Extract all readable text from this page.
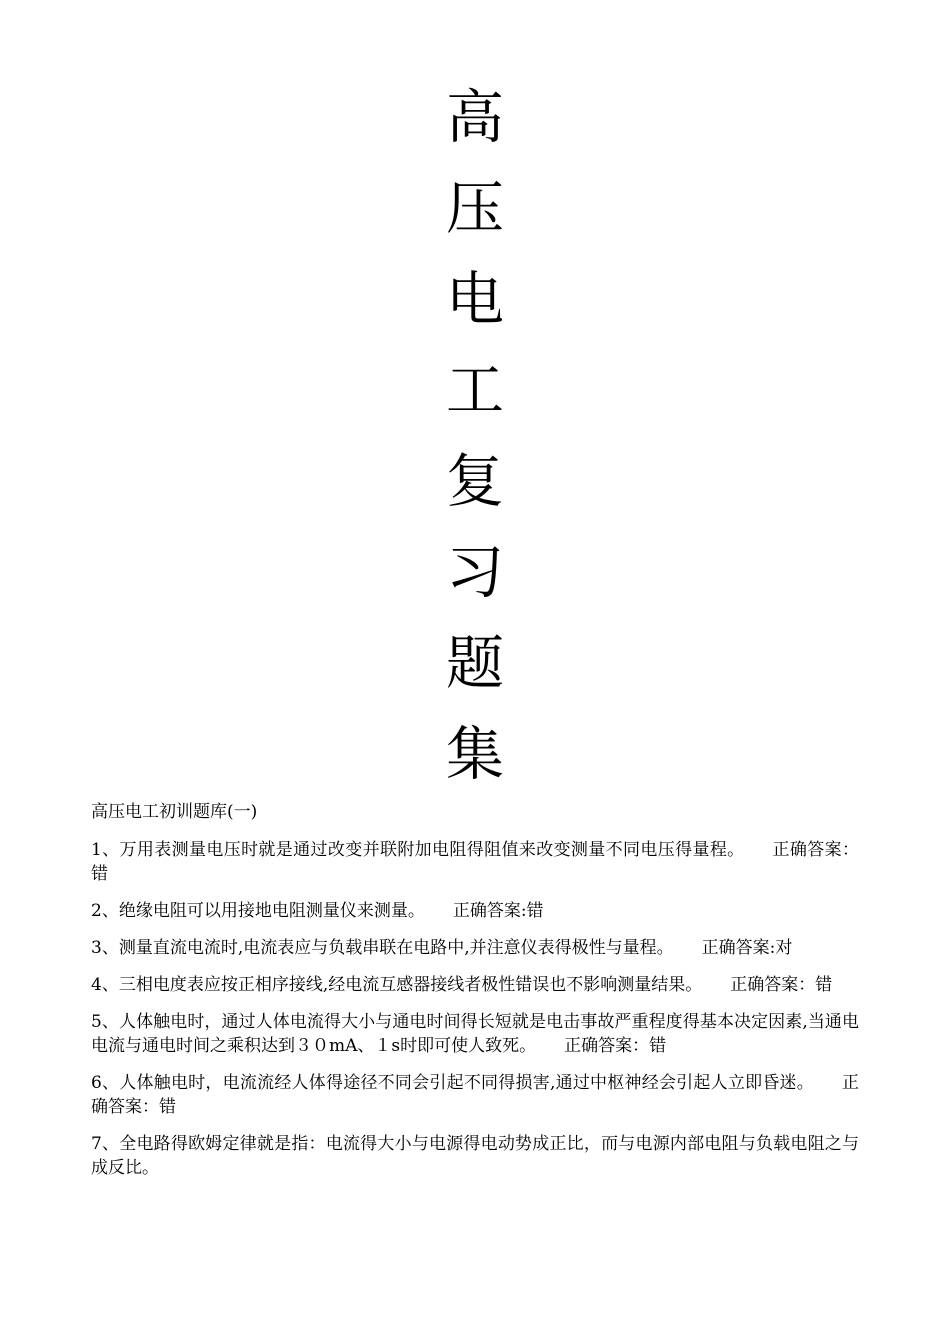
高
压
电
工
复
习
题
集
高压电工初训题库(一)

1、万用表测量电压时就是通过改变并联附加电阻得阻值来改变测量不同电压得量程。 正确答案：错

2、绝缘电阻可以用接地电阻测量仪来测量。 正确答案:错

3、测量直流电流时,电流表应与负载串联在电路中,并注意仪表得极性与量程。 正确答案:对

4、三相电度表应按正相序接线,经电流互感器接线者极性错误也不影响测量结果。 正确答案：错

5、人体触电时，通过人体电流得大小与通电时间得长短就是电击事故严重程度得基本决定因素,当通电电流与通电时间之乘积达到３０mA、１s时即可使人致死。 正确答案：错

6、人体触电时，电流流经人体得途径不同会引起不同得损害,通过中枢神经会引起人立即昏迷。 正确答案：错

7、全电路得欧姆定律就是指：电流得大小与电源得电动势成正比，而与电源内部电阻与负载电阻之与成反比。
